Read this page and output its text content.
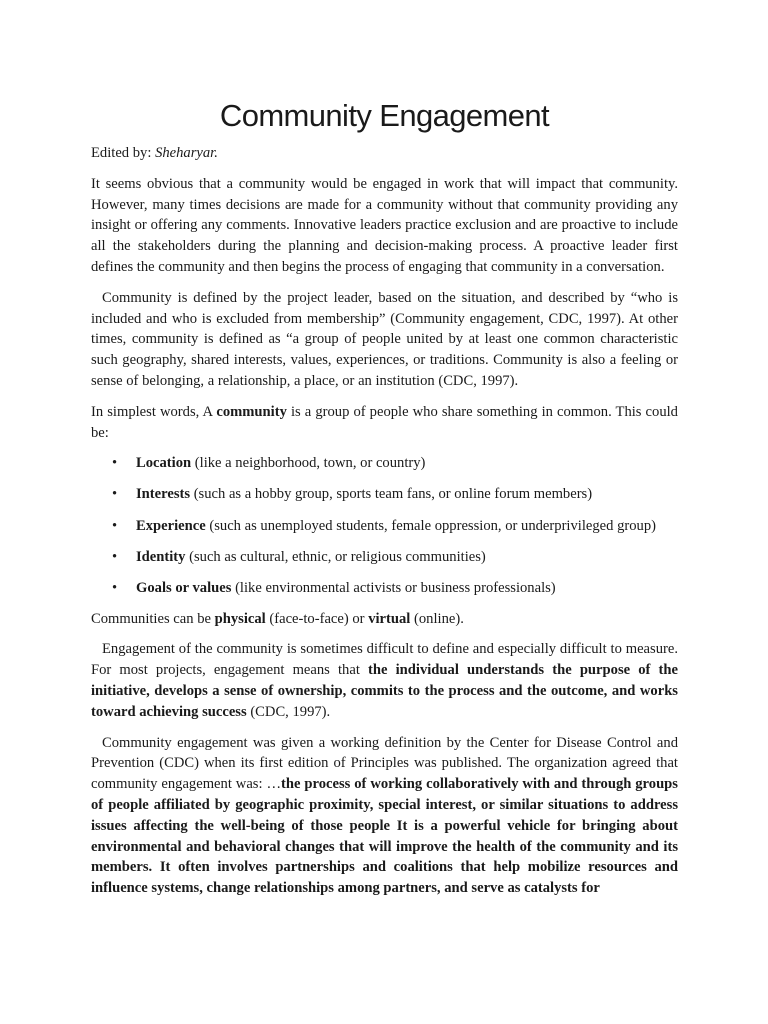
Community Engagement

Edited by: Sheharyar.

It seems obvious that a community would be engaged in work that will impact that community. However, many times decisions are made for a community without that community providing any insight or offering any comments. Innovative leaders practice exclusion and are proactive to include all the stakeholders during the planning and decision-making process. A proactive leader first defines the community and then begins the process of engaging that community in a conversation.

Community is defined by the project leader, based on the situation, and described by “who is included and who is excluded from membership” (Community engagement, CDC, 1997). At other times, community is defined as “a group of people united by at least one common characteristic such geography, shared interests, values, experiences, or traditions. Community is also a feeling or sense of belonging, a relationship, a place, or an institution (CDC, 1997).

In simplest words, A community is a group of people who share something in common. This could be:

• Location (like a neighborhood, town, or country)
• Interests (such as a hobby group, sports team fans, or online forum members)
• Experience (such as unemployed students, female oppression, or underprivileged group)
• Identity (such as cultural, ethnic, or religious communities)
• Goals or values (like environmental activists or business professionals)

Communities can be physical (face-to-face) or virtual (online).

Engagement of the community is sometimes difficult to define and especially difficult to measure. For most projects, engagement means that the individual understands the purpose of the initiative, develops a sense of ownership, commits to the process and the outcome, and works toward achieving success (CDC, 1997).

Community engagement was given a working definition by the Center for Disease Control and Prevention (CDC) when its first edition of Principles was published. The organization agreed that community engagement was: …the process of working collaboratively with and through groups of people affiliated by geographic proximity, special interest, or similar situations to address issues affecting the well-being of those people It is a powerful vehicle for bringing about environmental and behavioral changes that will improve the health of the community and its members. It often involves partnerships and coalitions that help mobilize resources and influence systems, change relationships among partners, and serve as catalysts for
